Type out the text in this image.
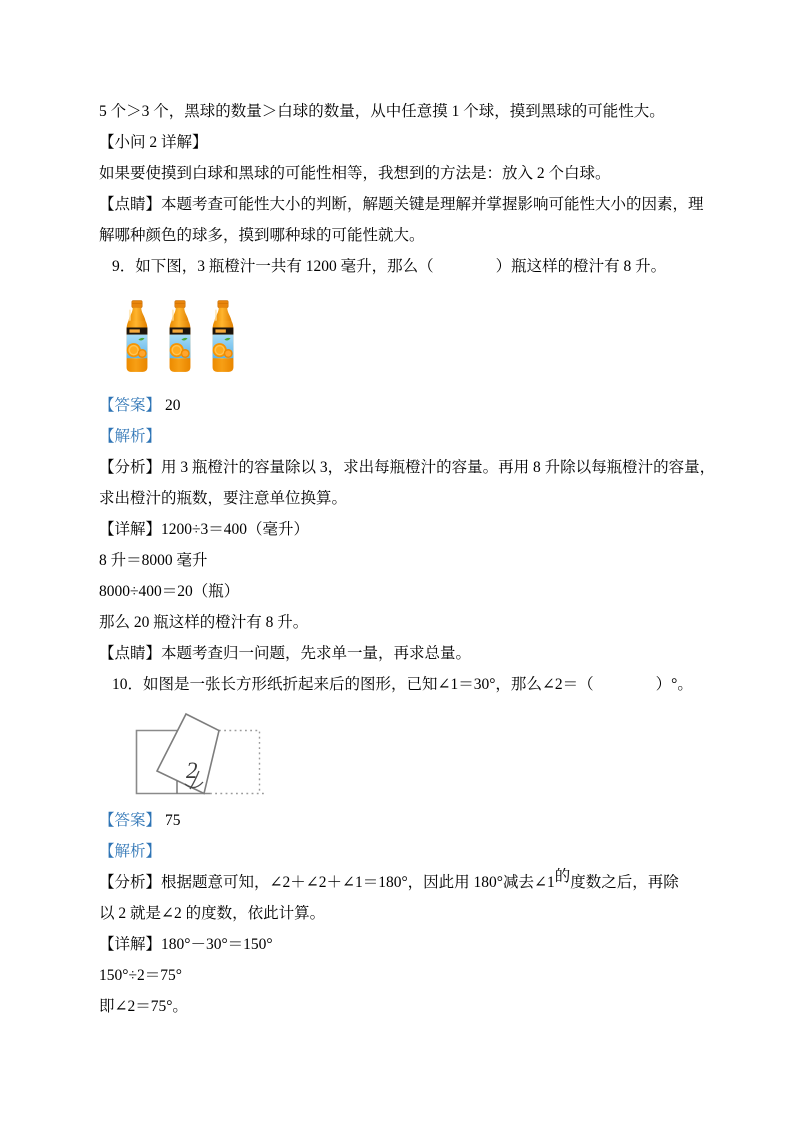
5 个＞3 个，黑球的数量＞白球的数量，从中任意摸 1 个球，摸到黑球的可能性大。

【小问 2 详解】

如果要使摸到白球和黑球的可能性相等，我想到的方法是：放入 2 个白球。

【点睛】本题考查可能性大小的判断，解题关键是理解并掌握影响可能性大小的因素，理
解哪种颜色的球多，摸到哪种球的可能性就大。

9．如下图，3 瓶橙汁一共有 1200 毫升，那么（　　　　）瓶这样的橙汁有 8 升。

【答案】 20

【解析】

【分析】用 3 瓶橙汁的容量除以 3，求出每瓶橙汁的容量。再用 8 升除以每瓶橙汁的容量，
求出橙汁的瓶数，要注意单位换算。

【详解】1200÷3＝400（毫升）

8 升＝8000 毫升

8000÷400＝20（瓶）

那么 20 瓶这样的橙汁有 8 升。

【点睛】本题考查归一问题，先求单一量，再求总量。

10．如图是一张长方形纸折起来后的图形，已知∠1＝30°，那么∠2＝（　　　　）°。

2

【答案】 75

【解析】

【分析】根据题意可知，∠2＋∠2＋∠1＝180°，因此用 180°减去∠1的度数之后，再除
以 2 就是∠2 的度数，依此计算。

【详解】180°－30°＝150°

150°÷2＝75°

即∠2＝75°。
